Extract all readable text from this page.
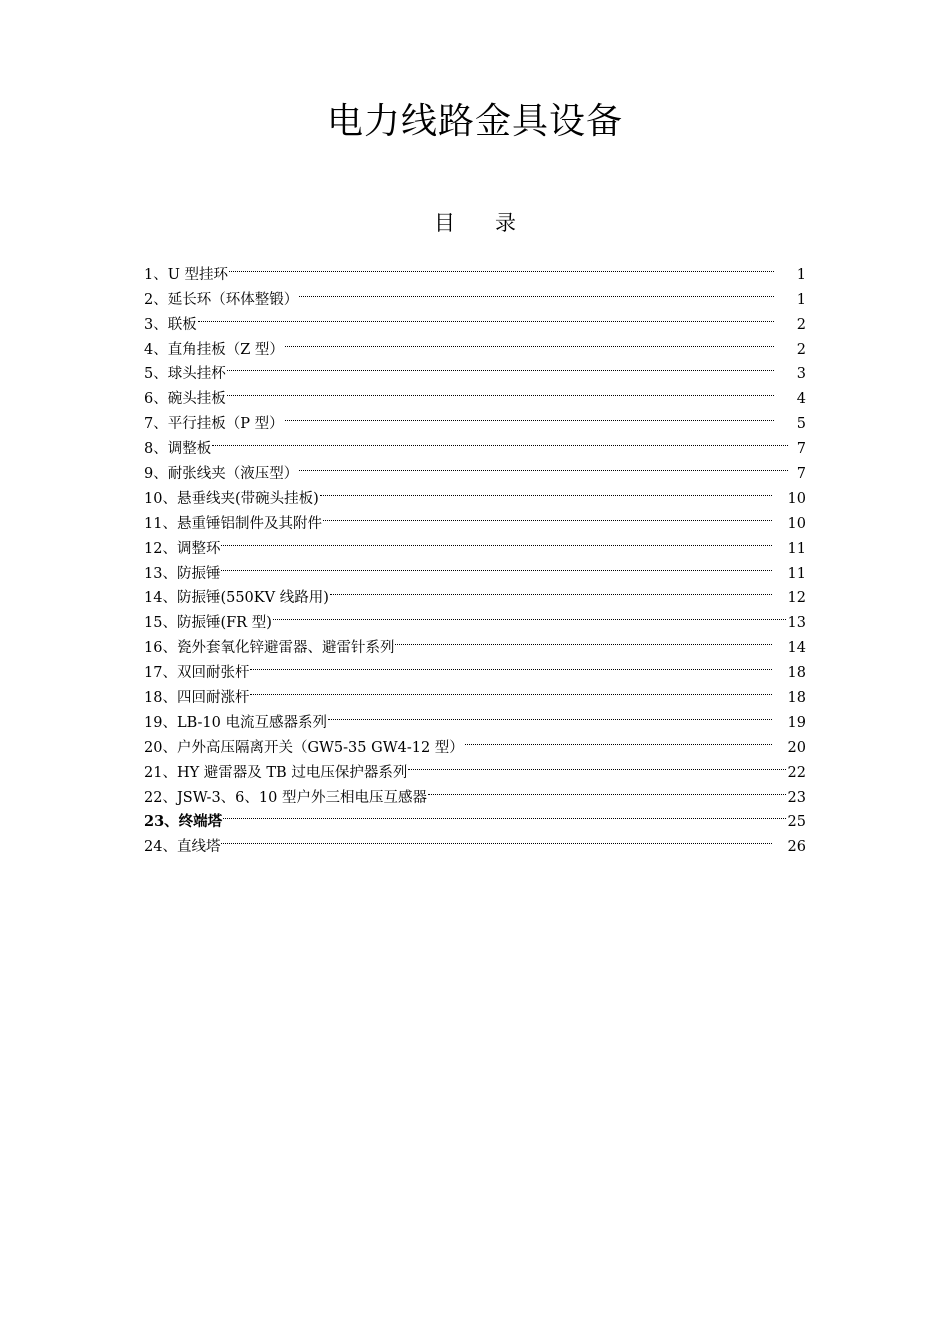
电力线路金具设备
目 录
1、U 型挂环	1
2、延长环（环体整锻）	1
3、联板	2
4、直角挂板（Z 型）	2
5、球头挂杯	3
6、碗头挂板	4
7、平行挂板（P 型）	5
8、调整板	7
9、耐张线夹（液压型）	7
10、悬垂线夹(带碗头挂板)	10
11、悬重锤铝制件及其附件	10
12、调整环	11
13、防振锤	11
14、防振锤(550KV 线路用)	12
15、防振锤(FR 型)	13
16、瓷外套氧化锌避雷器、避雷针系列	14
17、双回耐张杆	18
18、四回耐涨杆	18
19、LB-10 电流互感器系列	19
20、户外高压隔离开关（GW5-35 GW4-12 型）	20
21、HY 避雷器及 TB 过电压保护器系列	22
22、JSW-3、6、10 型户外三相电压互感器	23
23、终端塔	25
24、直线塔	26
